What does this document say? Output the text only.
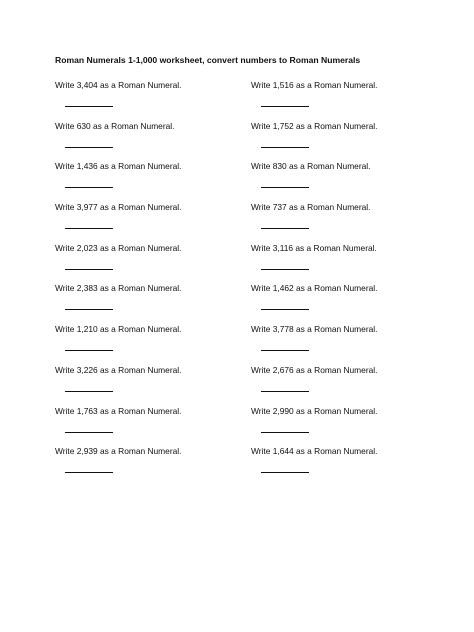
Roman Numerals 1-1,000 worksheet, convert numbers to Roman Numerals
Write 3,404 as a Roman Numeral.
Write 630 as a Roman Numeral.
Write 1,436 as a Roman Numeral.
Write 3,977 as a Roman Numeral.
Write 2,023 as a Roman Numeral.
Write 2,383 as a Roman Numeral.
Write 1,210 as a Roman Numeral.
Write 3,226 as a Roman Numeral.
Write 1,763 as a Roman Numeral.
Write 2,939 as a Roman Numeral.
Write 1,516 as a Roman Numeral.
Write 1,752 as a Roman Numeral.
Write 830 as a Roman Numeral.
Write 737 as a Roman Numeral.
Write 3,116 as a Roman Numeral.
Write 1,462 as a Roman Numeral.
Write 3,778 as a Roman Numeral.
Write 2,676 as a Roman Numeral.
Write 2,990 as a Roman Numeral.
Write 1,644 as a Roman Numeral.
